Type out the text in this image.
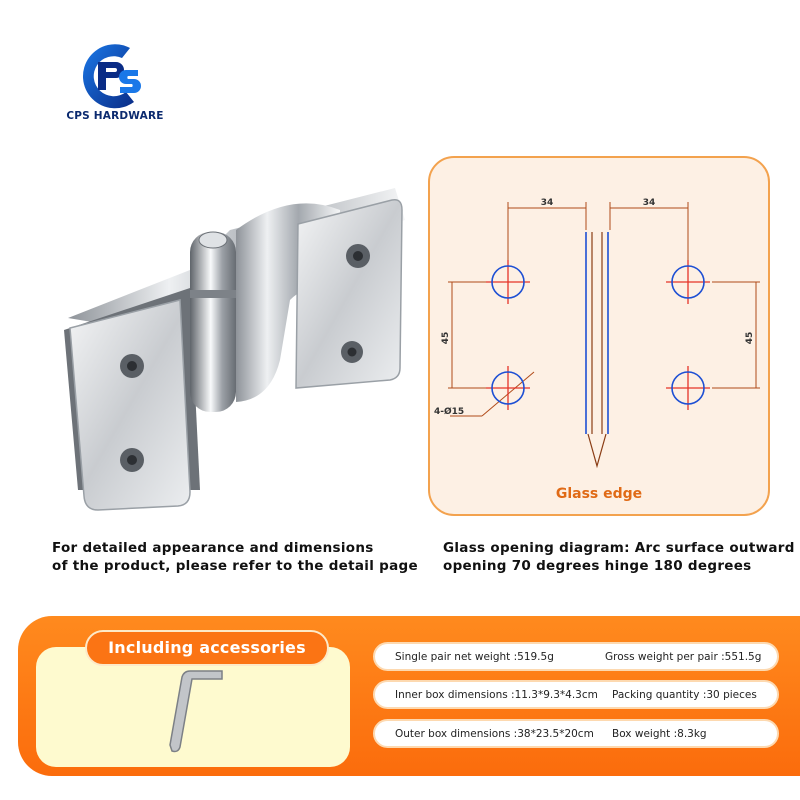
CPS HARDWARE
34	34
45	45
4-Ø15
Glass edge
For detailed appearance and dimensions
of the product, please refer to the detail page
Glass opening diagram: Arc surface outward
opening 70 degrees hinge 180 degrees
Including accessories	Single pair net weight :519.5g	Gross weight per pair :551.5g
Inner box dimensions :11.3*9.3*4.3cm Packing quantity :30 pieces
Outer box dimensions :38*23.5*20cm Box weight :8.3kg
